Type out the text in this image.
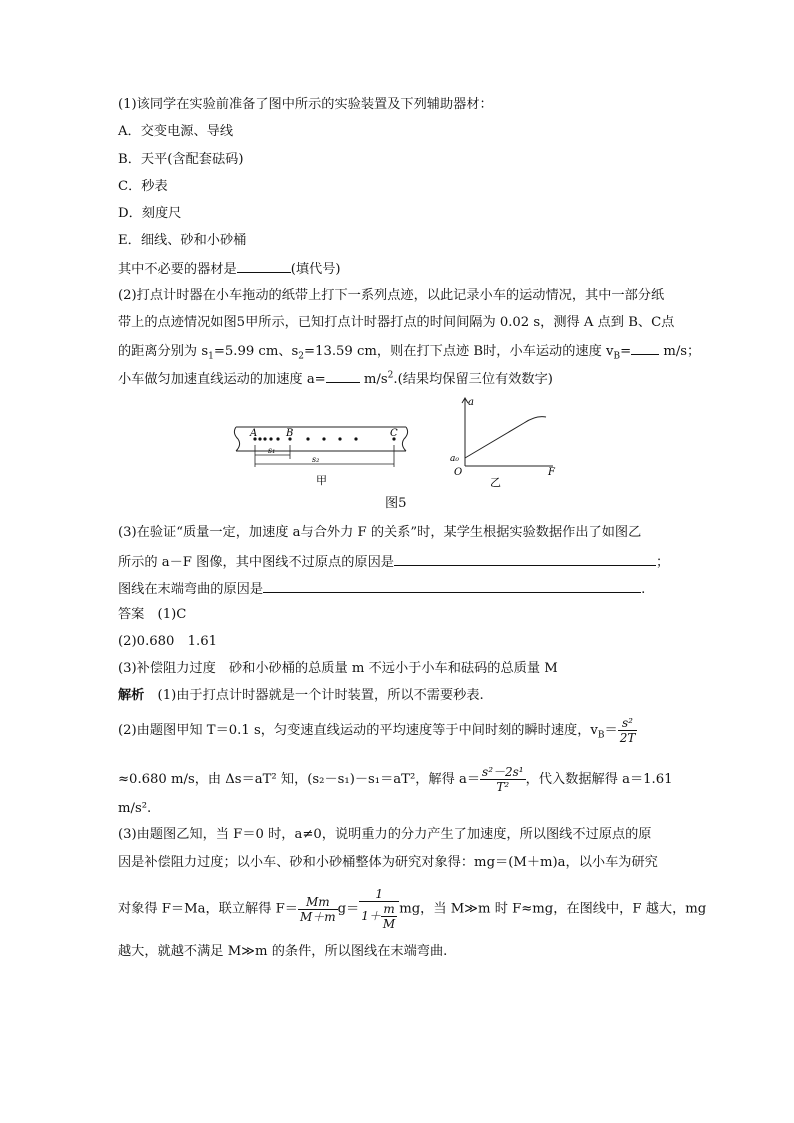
(1)该同学在实验前准备了图中所示的实验装置及下列辅助器材：
A．交变电源、导线
B．天平(含配套砝码)
C．秒表
D．刻度尺
E．细线、砂和小砂桶
其中不必要的器材是	(填代号)
(2)打点计时器在小车拖动的纸带上打下一系列点迹，以此记录小车的运动情况，其中一部分纸
带上的点迹情况如图5甲所示，已知打点计时器打点的时间间隔为 0.02 s，测得 A 点到 B、C点
的距离分别为 $s_1=5.99$ cm、$s_2=13.59$ cm，则在打下点迹 B时，小车运动的速度 $v_B= m/s$；
小车做匀加速直线运动的加速度 a=	$m/s^2$.(结果均保留三位有效数字)
A	B	C
s₁
s₂
甲
a
F
O
a₀
乙
图5
(3)在验证“质量一定，加速度 a与合外力 F 的关系”时，某学生根据实验数据作出了如图乙
所示的 a－F 图像，其中图线不过原点的原因是	；
图线在末端弯曲的原因是	.
答案　(1)C
(2)0.680　1.61
(3)补偿阻力过度　砂和小砂桶的总质量 m 不远小于小车和砝码的总质量 M
解析　(1)由于打点计时器就是一个计时装置，所以不需要秒表.
(2)由题图甲知 T＝0.1 s，匀变速直线运动的平均速度等于中间时刻的瞬时速度，$v_B= \frac{\text{s²}}{2T}$
≈0.680 m/s，由 Δs＝aT² 知，(s₂－s₁)－s₁＝aT²，解得 $a= \frac{\text{s²－2s¹}}{\text{T²}}$ ，代入数据解得 a＝1.61
m/s².
(3)由题图乙知，当 F＝0 时，a≠0，说明重力的分力产生了加速度，所以图线不过原点的原
因是补偿阻力过度；以小车、砂和小砂桶整体为研究对象得：mg＝(M＋m)a，以小车为研究
对象得 F＝Ma，联立解得 $F= \frac{Mm}{M+m} g= \frac{1}{1+ \frac{m}{M}}$ mg，当 M≫m 时 F≈mg，在图线中，F 越大，mg
越大，就越不满足 M≫m 的条件，所以图线在末端弯曲.
